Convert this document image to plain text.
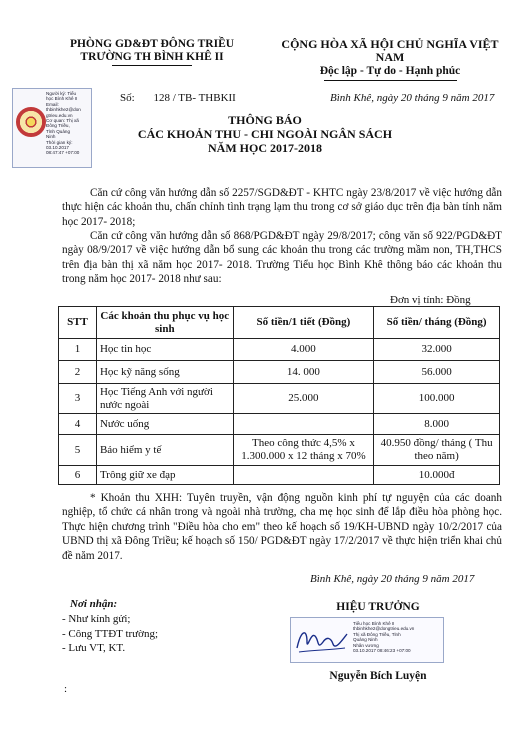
PHÒNG GD&ĐT ĐÔNG TRIỀU
TRƯỜNG TH BÌNH KHÊ II
CỘNG HÒA XÃ HỘI CHỦ NGHĨA VIỆT
NAM
Độc lập - Tự do - Hạnh phúc
Người ký: Tiểu
học Bình Khê II
Email:
thbinhkhe2@don
gtrieu.edu.vn
Cơ quan: Thị xã
Đông Triều,
Tỉnh Quảng
Ninh
Thời gian ký:
03.10.2017
08:47:47 +07:00
Số: 128 / TB- THBKII	Bình Khê, ngày 20 tháng 9 năm 2017
THÔNG BÁO
CÁC KHOẢN THU - CHI NGOÀI NGÂN SÁCH
NĂM HỌC 2017-2018
Căn cứ công văn hướng dẫn số 2257/SGD&ĐT - KHTC ngày 23/8/2017 về việc hướng dẫn thực hiện các khoản thu, chấn chỉnh tình trạng lạm thu trong cơ sở giáo dục trên địa bàn tỉnh năm học 2017- 2018;
Căn cứ công văn hướng dẫn số 868/PGD&ĐT ngày 29/8/2017; công văn số 922/PGD&ĐT ngày 08/9/2017 về việc hướng dẫn bổ sung các khoản thu trong các trường mầm non, TH,THCS trên địa bàn thị xã năm học 2017- 2018. Trường Tiểu học Bình Khê thông báo các khoản thu trong năm học 2017- 2018 như sau:
Đơn vị tính: Đồng
STT	Các khoản thu phục vụ học sinh	Số tiền/1 tiết (Đồng)	Số tiền/ tháng (Đồng)
1	Học tin học	4.000	32.000
2	Học kỹ năng sống	14. 000	56.000
3	Học Tiếng Anh với người nước ngoài	25.000	100.000
4	Nước uống		8.000
5	Bảo hiểm y tế	Theo công thức 4,5% x 1.300.000 x 12 tháng x 70%	40.950 đồng/ tháng ( Thu theo năm)
6	Trông giữ xe đạp		10.000đ
* Khoản thu XHH: Tuyên truyền, vận động nguồn kinh phí tự nguyện của các doanh nghiệp, tổ chức cá nhân trong và ngoài nhà trường, cha mẹ học sinh để lắp điều hòa phòng học. Thực hiện chương trình "Điều hòa cho em" theo kế hoạch số 19/KH-UBND ngày 10/2/2017 của UBND thị xã Đông Triều; kế hoạch số 150/ PGD&ĐT ngày 17/2/2017 về thực hiện triển khai chủ đề năm 2017.
Bình Khê, ngày 20 tháng 9 năm 2017
Nơi nhận:
- Như kính gửi;
- Công TTĐT trường;
- Lưu VT, KT.
HIỆU TRƯỞNG
Tiểu học Bình Khê II
thbinhkhe2@dongtrieu.edu.vn
Thị xã Đông Triều, Tỉnh
Quảng Ninh
Nhân vương
03.10.2017 08:46:23 +07:00
Nguyễn Bích Luyện
:
